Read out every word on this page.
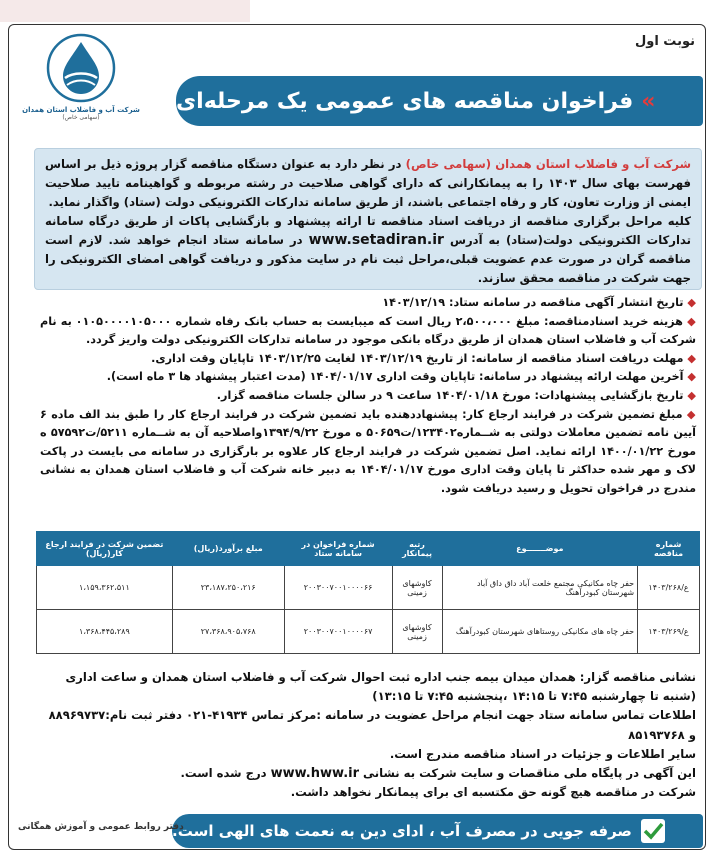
نوبت اول
شرکت آب و فاضلاب استان همدان
(سهامی خاص)
»
فراخوان مناقصه های عمومی یک مرحله‌ای
شرکت آب و فاضلاب استان همدان (سهامی خاص) در نظر دارد به عنوان دستگاه مناقصه گزار پروژه ذیل بر اساس فهرست بهای سال ۱۴۰۳ را به پیمانکارانی که دارای گواهی صلاحیت در رشته مربوطه و گواهینامه تایید صلاحیت ایمنی از وزارت تعاون، کار و رفاه اجتماعی باشند، از طریق سامانه تدارکات الکترونیکی دولت (ستاد) واگذار نماید.
کلیه مراحل برگزاری مناقصه از دریافت اسناد مناقصه تا ارائه پیشنهاد و بازگشایی پاکات از طریق درگاه سامانه تدارکات الکترونیکی دولت(ستاد) به آدرس www.setadiran.ir در سامانه ستاد انجام خواهد شد. لازم است مناقصه گران در صورت عدم عضویت قبلی،مراحل ثبت نام در سایت مذکور و دریافت گواهی امضای الکترونیکی را جهت شرکت در مناقصه محقق سازند.
◆ تاریخ انتشار آگهی مناقصه در سامانه ستاد: ۱۴۰۳/۱۲/۱۹
◆ هزینه خرید اسنادمناقصه: مبلغ ۲،۵۰۰،۰۰۰ ریال است که میبایست به حساب بانک رفاه شماره ۰۱۰۵۰۰۰۰۱۰۵۰۰۰ به نام شرکت آب و فاضلاب استان همدان از طریق درگاه بانکی موجود در سامانه تدارکات الکترونیکی دولت واریز گردد.
◆ مهلت دریافت اسناد مناقصه از سامانه: از تاریخ ۱۴۰۳/۱۲/۱۹ لغایت ۱۴۰۳/۱۲/۲۵ تاپایان وقت اداری.
◆ آخرین مهلت ارائه پیشنهاد در سامانه: تاپایان وقت اداری ۱۴۰۴/۰۱/۱۷ (مدت اعتبار پیشنهاد ها ۳ ماه است).
◆ تاریخ بازگشایی پیشنهادات: مورخ ۱۴۰۴/۰۱/۱۸ ساعت ۹ در سالن جلسات مناقصه گزار.
◆ مبلغ تضمین شرکت در فرایند ارجاع کار: پیشنهاددهنده باید تضمین شرکت در فرایند ارجاع کار را طبق بند الف ماده ۶ آیین نامه تضمین معاملات دولتی به شــماره۱۲۳۴۰۲/ت۵۰۶۵۹ ه مورخ ۱۳۹۴/۹/۲۲واصلاحیه آن به شــماره ۵۲۱۱/ت۵۷۵۹۲ ه مورخ ۱۴۰۰/۰۱/۲۲ ارائه نماید. اصل تضمین شرکت در فرایند ارجاع کار علاوه بر بارگزاری در سامانه می بایست در پاکت لاک و مهر شده حداکثر تا پایان وقت اداری مورخ ۱۴۰۴/۰۱/۱۷ به دبیر خانه شرکت آب و فاضلاب استان همدان به نشانی مندرج در فراخوان تحویل و رسید دریافت شود.
شماره مناقصه	موضـــــــوع	رتبه پیمانکار	شماره فراخوان در سامانه ستاد	مبلغ برآورد(ریال)	تضمین شرکت در فرایند ارجاع کار(ریال)
ع/۱۴۰۳/۲۶۸	حفر چاه مکانیکی مجتمع خلعت آباد داق داق آباد شهرستان کبودرآهنگ	کاوشهای زمینی	۲۰۰۳۰۰۷۰۰۱۰۰۰۰۶۶	۲۳،۱۸۷،۲۵۰،۲۱۶	۱،۱۵۹،۳۶۲،۵۱۱
ع/۱۴۰۳/۲۶۹	حفر چاه های مکانیکی روستاهای شهرستان کبودرآهنگ	کاوشهای زمینی	۲۰۰۳۰۰۷۰۰۱۰۰۰۰۶۷	۲۷،۳۶۸،۹۰۵،۷۶۸	۱،۳۶۸،۴۴۵،۲۸۹
نشانی مناقصه گزار: همدان میدان بیمه جنب اداره ثبت احوال شرکت آب و فاضلاب استان همدان و ساعت اداری (شنبه تا چهارشنبه ۷:۴۵ تا ۱۴:۱۵ ،پنجشنبه ۷:۴۵ تا ۱۳:۱۵)
اطلاعات تماس سامانه ستاد جهت انجام مراحل عضویت در سامانه :مرکز تماس ۴۱۹۳۴-۰۲۱ دفتر ثبت نام:۸۸۹۶۹۷۳۷ و ۸۵۱۹۳۷۶۸
سایر اطلاعات و جزئیات در اسناد مناقصه مندرج است.
این آگهی در پایگاه ملی مناقصات و سایت شرکت به نشانی www.hww.ir درج شده است.
شرکت در مناقصه هیچ گونه حق مکتسبه ای برای پیمانکار نخواهد داشت.
صرفه جویی در مصرف آب ، ادای دین به نعمت های الهی است.
دفتر روابط عمومی و آموزش همگانی
